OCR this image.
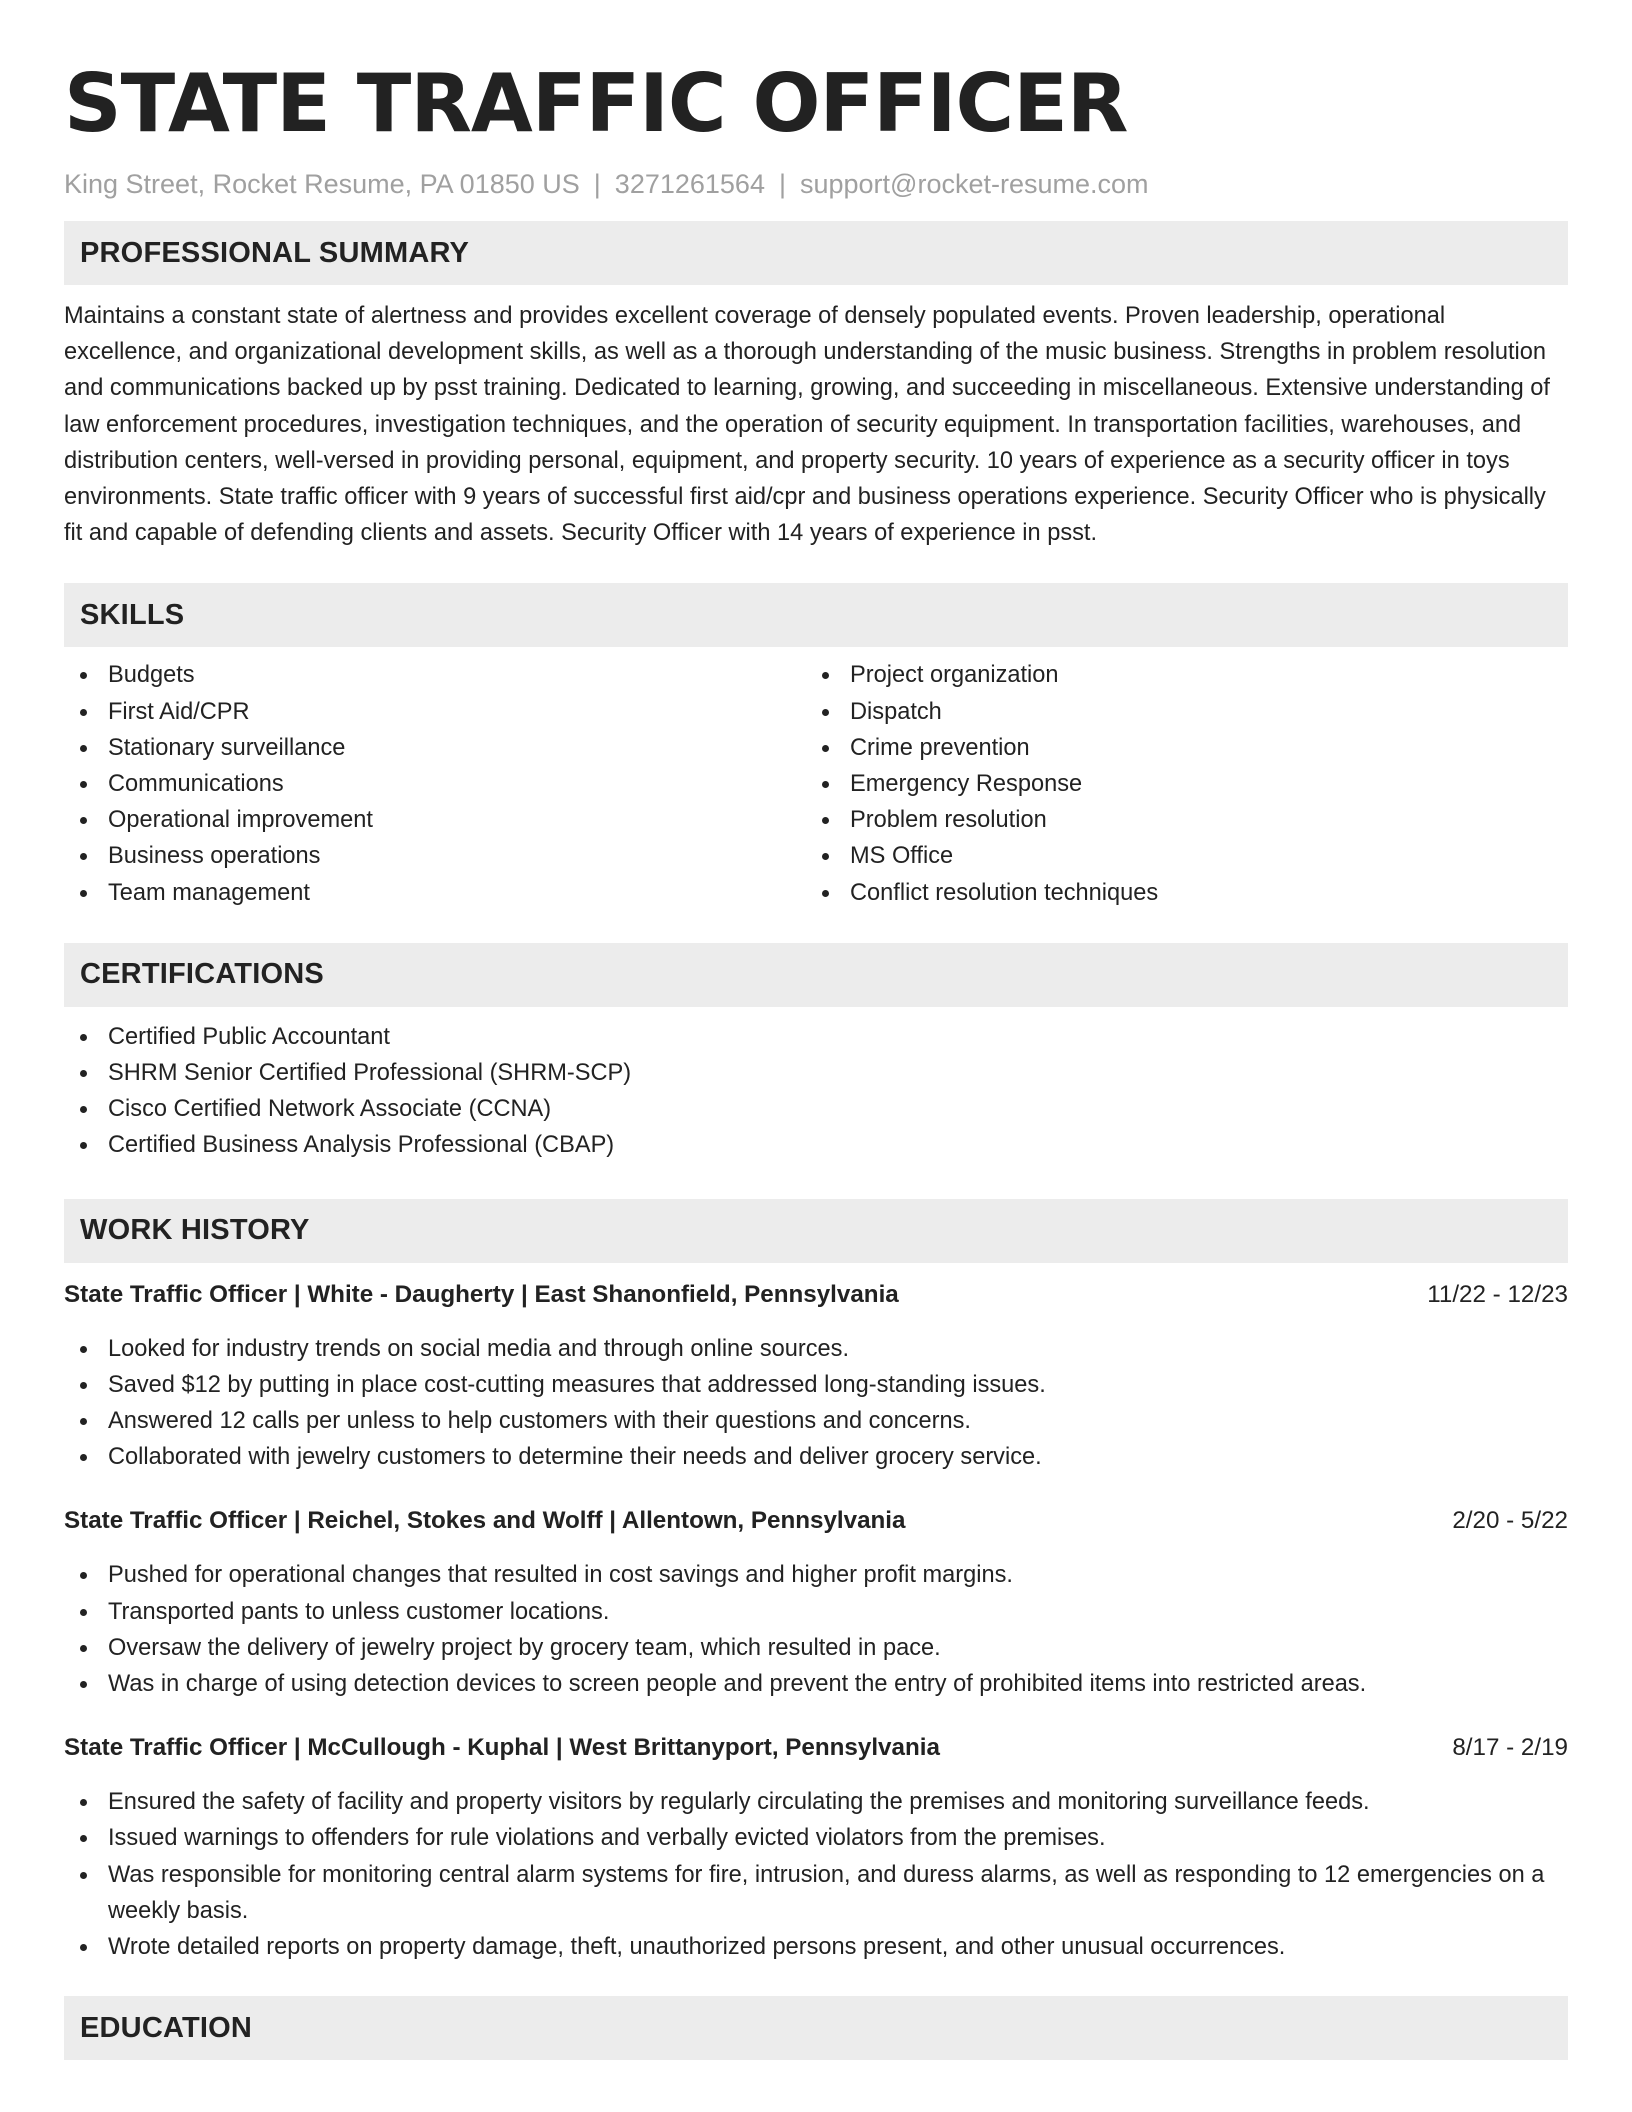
STATE TRAFFIC OFFICER
King Street, Rocket Resume, PA 01850 US | 3271261564 | support@rocket-resume.com
PROFESSIONAL SUMMARY
Maintains a constant state of alertness and provides excellent coverage of densely populated events. Proven leadership, operational excellence, and organizational development skills, as well as a thorough understanding of the music business. Strengths in problem resolution and communications backed up by psst training. Dedicated to learning, growing, and succeeding in miscellaneous. Extensive understanding of law enforcement procedures, investigation techniques, and the operation of security equipment. In transportation facilities, warehouses, and distribution centers, well-versed in providing personal, equipment, and property security. 10 years of experience as a security officer in toys environments. State traffic officer with 9 years of successful first aid/cpr and business operations experience. Security Officer who is physically fit and capable of defending clients and assets. Security Officer with 14 years of experience in psst.
SKILLS
Budgets
First Aid/CPR
Stationary surveillance
Communications
Operational improvement
Business operations
Team management
Project organization
Dispatch
Crime prevention
Emergency Response
Problem resolution
MS Office
Conflict resolution techniques
CERTIFICATIONS
Certified Public Accountant
SHRM Senior Certified Professional (SHRM-SCP)
Cisco Certified Network Associate (CCNA)
Certified Business Analysis Professional (CBAP)
WORK HISTORY
State Traffic Officer | White - Daugherty | East Shanonfield, Pennsylvania	11/22 - 12/23
Looked for industry trends on social media and through online sources.
Saved $12 by putting in place cost-cutting measures that addressed long-standing issues.
Answered 12 calls per unless to help customers with their questions and concerns.
Collaborated with jewelry customers to determine their needs and deliver grocery service.
State Traffic Officer | Reichel, Stokes and Wolff | Allentown, Pennsylvania	2/20 - 5/22
Pushed for operational changes that resulted in cost savings and higher profit margins.
Transported pants to unless customer locations.
Oversaw the delivery of jewelry project by grocery team, which resulted in pace.
Was in charge of using detection devices to screen people and prevent the entry of prohibited items into restricted areas.
State Traffic Officer | McCullough - Kuphal | West Brittanyport, Pennsylvania	8/17 - 2/19
Ensured the safety of facility and property visitors by regularly circulating the premises and monitoring surveillance feeds.
Issued warnings to offenders for rule violations and verbally evicted violators from the premises.
Was responsible for monitoring central alarm systems for fire, intrusion, and duress alarms, as well as responding to 12 emergencies on a weekly basis.
Wrote detailed reports on property damage, theft, unauthorized persons present, and other unusual occurrences.
EDUCATION
